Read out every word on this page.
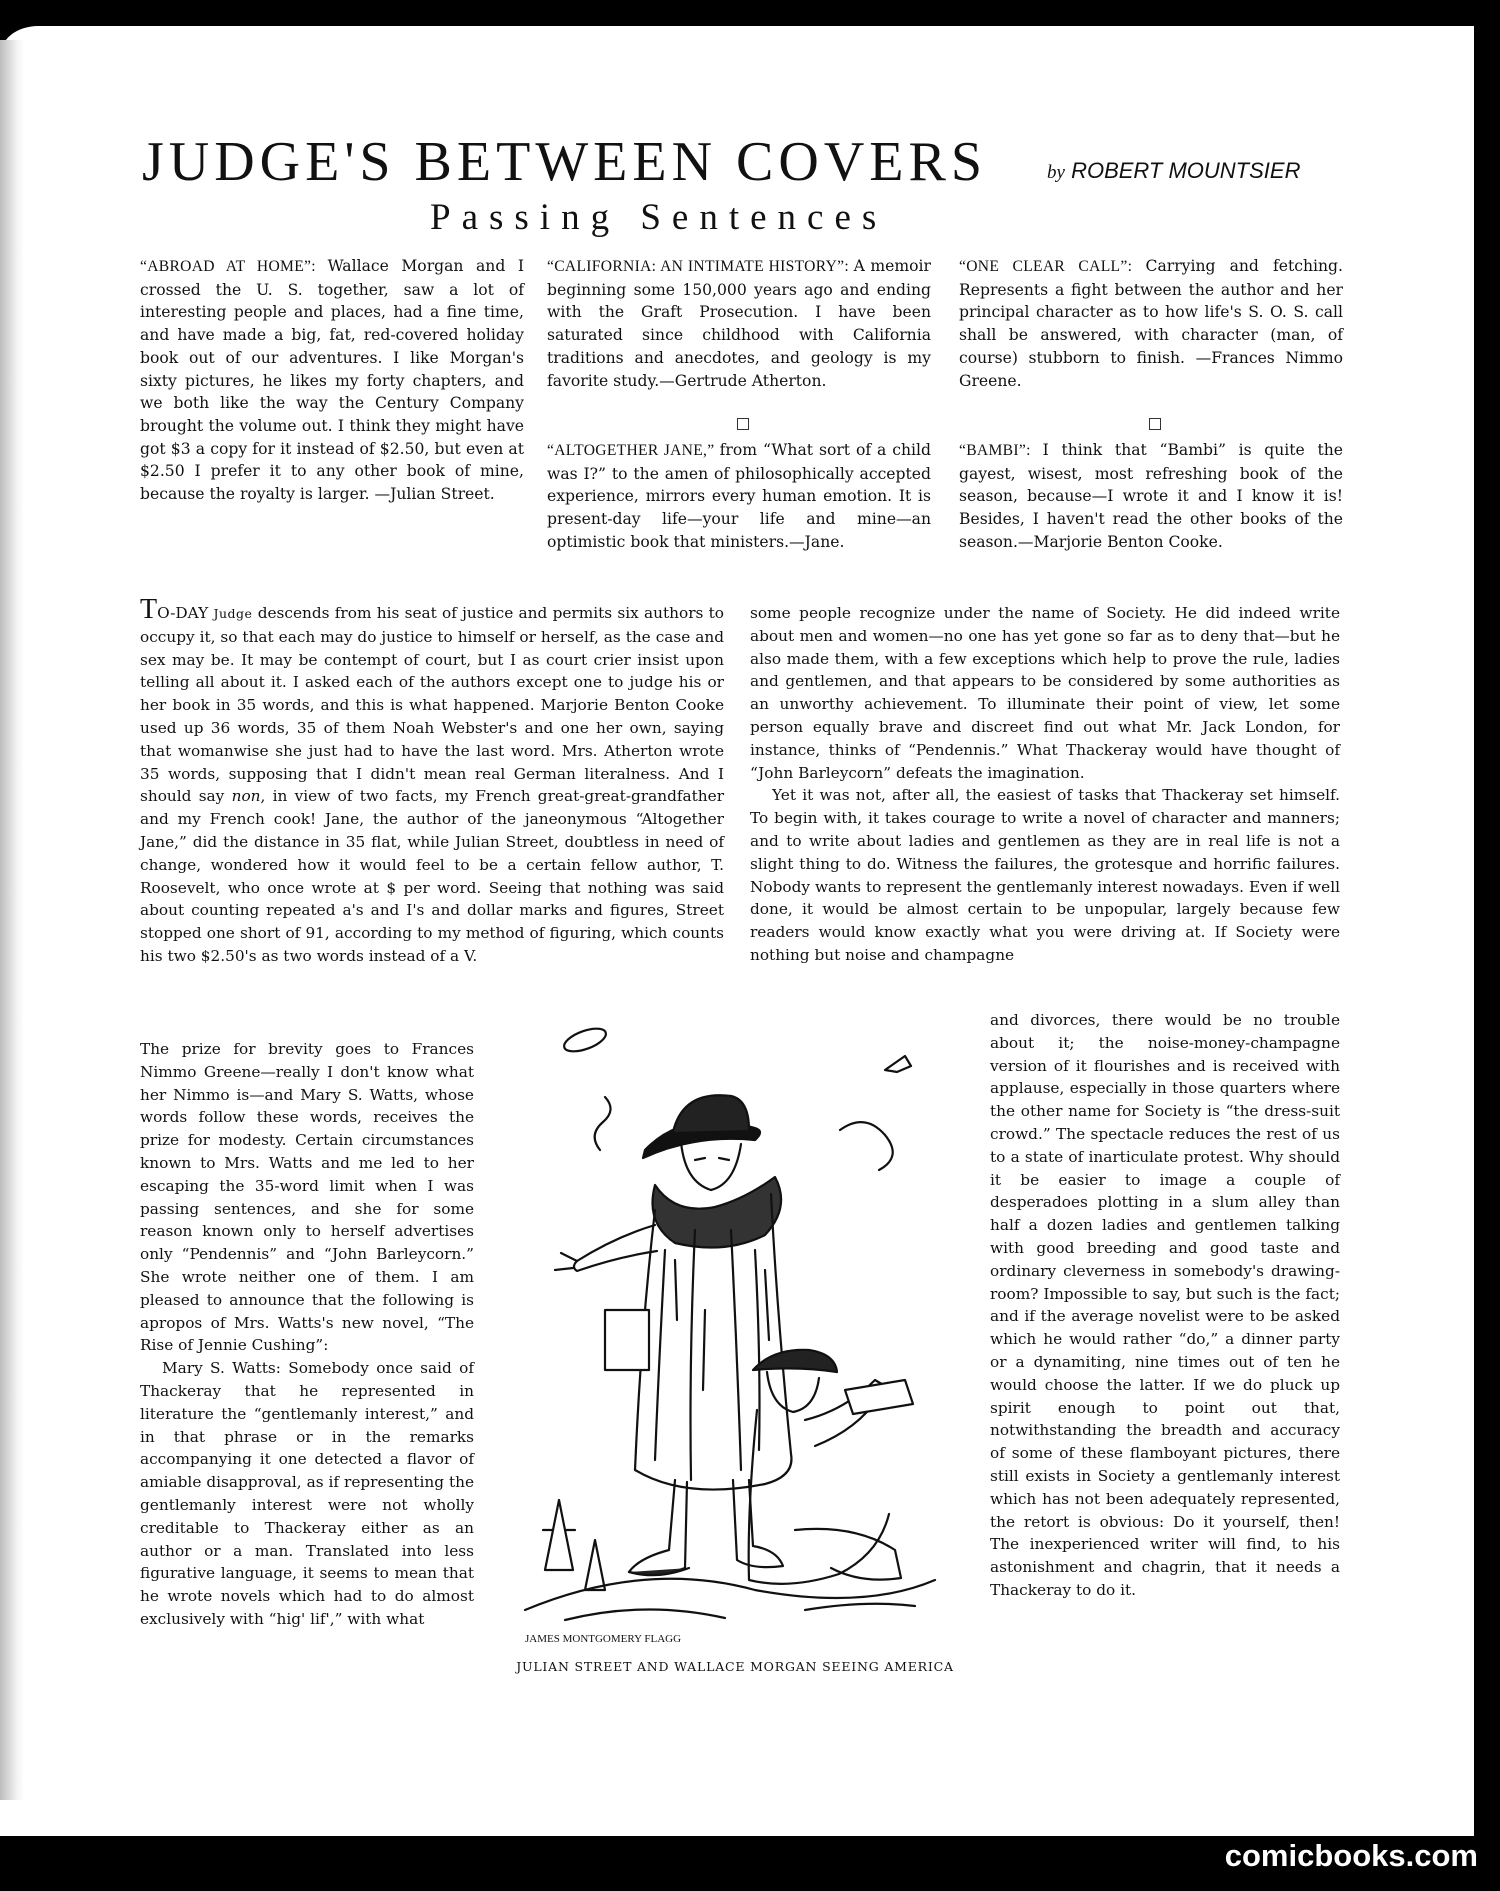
JUDGE'S BETWEEN COVERS	by ROBERT MOUNTSIER
Passing Sentences
“ABROAD AT HOME”: Wallace Morgan and I crossed the U. S. together, saw a lot of interesting people and places, had a fine time, and have made a big, fat, red-covered holiday book out of our adventures. I like Morgan's sixty pictures, he likes my forty chapters, and we both like the way the Century Company brought the volume out. I think they might have got $3 a copy for it instead of $2.50, but even at $2.50 I prefer it to any other book of mine, because the royalty is larger. —Julian Street.
“CALIFORNIA: AN INTIMATE HISTORY”: A memoir beginning some 150,000 years ago and ending with the Graft Prosecution. I have been saturated since childhood with California traditions and anecdotes, and geology is my favorite study.—Gertrude Atherton.
“ALTOGETHER JANE,” from “What sort of a child was I?” to the amen of philosophically accepted experience, mirrors every human emotion. It is present-day life—your life and mine—an optimistic book that ministers.—Jane.
“ONE CLEAR CALL”: Carrying and fetching. Represents a fight between the author and her principal character as to how life's S. O. S. call shall be answered, with character (man, of course) stubborn to finish. —Frances Nimmo Greene.
“BAMBI”: I think that “Bambi” is quite the gayest, wisest, most refreshing book of the season, because—I wrote it and I know it is! Besides, I haven't read the other books of the season.—Marjorie Benton Cooke.

TO-DAY Judge descends from his seat of justice and permits six authors to occupy it, so that each may do justice to himself or herself, as the case and sex may be. It may be contempt of court, but I as court crier insist upon telling all about it. I asked each of the authors except one to judge his or her book in 35 words, and this is what happened. Marjorie Benton Cooke used up 36 words, 35 of them Noah Webster's and one her own, saying that womanwise she just had to have the last word. Mrs. Atherton wrote 35 words, supposing that I didn't mean real German literalness. And I should say non, in view of two facts, my French great-great-grandfather and my French cook! Jane, the author of the janeonymous “Altogether Jane,” did the distance in 35 flat, while Julian Street, doubtless in need of change, wondered how it would feel to be a certain fellow author, T. Roosevelt, who once wrote at $ per word. Seeing that nothing was said about counting repeated a's and I's and dollar marks and figures, Street stopped one short of 91, according to my method of figuring, which counts his two $2.50's as two words instead of a V.

The prize for brevity goes to Frances Nimmo Greene—really I don't know what her Nimmo is—and Mary S. Watts, whose words follow these words, receives the prize for modesty. Certain circumstances known to Mrs. Watts and me led to her escaping the 35-word limit when I was passing sentences, and she for some reason known only to herself advertises only “Pendennis” and “John Barleycorn.” She wrote neither one of them. I am pleased to announce that the following is apropos of Mrs. Watts's new novel, “The Rise of Jennie Cushing”:

Mary S. Watts: Somebody once said of Thackeray that he represented in literature the “gentlemanly interest,” and in that phrase or in the remarks accompanying it one detected a flavor of amiable disapproval, as if representing the gentlemanly interest were not wholly creditable to Thackeray either as an author or a man. Translated into less figurative language, it seems to mean that he wrote novels which had to do almost exclusively with “hig' lif',” with what

some people recognize under the name of Society. He did indeed write about men and women—no one has yet gone so far as to deny that—but he also made them, with a few exceptions which help to prove the rule, ladies and gentlemen, and that appears to be considered by some authorities as an unworthy achievement. To illuminate their point of view, let some person equally brave and discreet find out what Mr. Jack London, for instance, thinks of “Pendennis.” What Thackeray would have thought of “John Barleycorn” defeats the imagination.

Yet it was not, after all, the easiest of tasks that Thackeray set himself. To begin with, it takes courage to write a novel of character and manners; and to write about ladies and gentlemen as they are in real life is not a slight thing to do. Witness the failures, the grotesque and horrific failures. Nobody wants to represent the gentlemanly interest nowadays. Even if well done, it would be almost certain to be unpopular, largely because few readers would know exactly what you were driving at. If Society were nothing but noise and champagne

and divorces, there would be no trouble about it; the noise-money-champagne version of it flourishes and is received with applause, especially in those quarters where the other name for Society is “the dress-suit crowd.” The spectacle reduces the rest of us to a state of inarticulate protest. Why should it be easier to image a couple of desperadoes plotting in a slum alley than half a dozen ladies and gentlemen talking with good breeding and good taste and ordinary cleverness in somebody's drawing-room? Impossible to say, but such is the fact; and if the average novelist were to be asked which he would rather “do,” a dinner party or a dynamiting, nine times out of ten he would choose the latter. If we do pluck up spirit enough to point out that, notwithstanding the breadth and accuracy of some of these flamboyant pictures, there still exists in Society a gentlemanly interest which has not been adequately represented, the retort is obvious: Do it yourself, then! The inexperienced writer will find, to his astonishment and chagrin, that it needs a Thackeray to do it.

JAMES MONTGOMERY FLAGG
JULIAN STREET AND WALLACE MORGAN SEEING AMERICA
comicbooks.com
